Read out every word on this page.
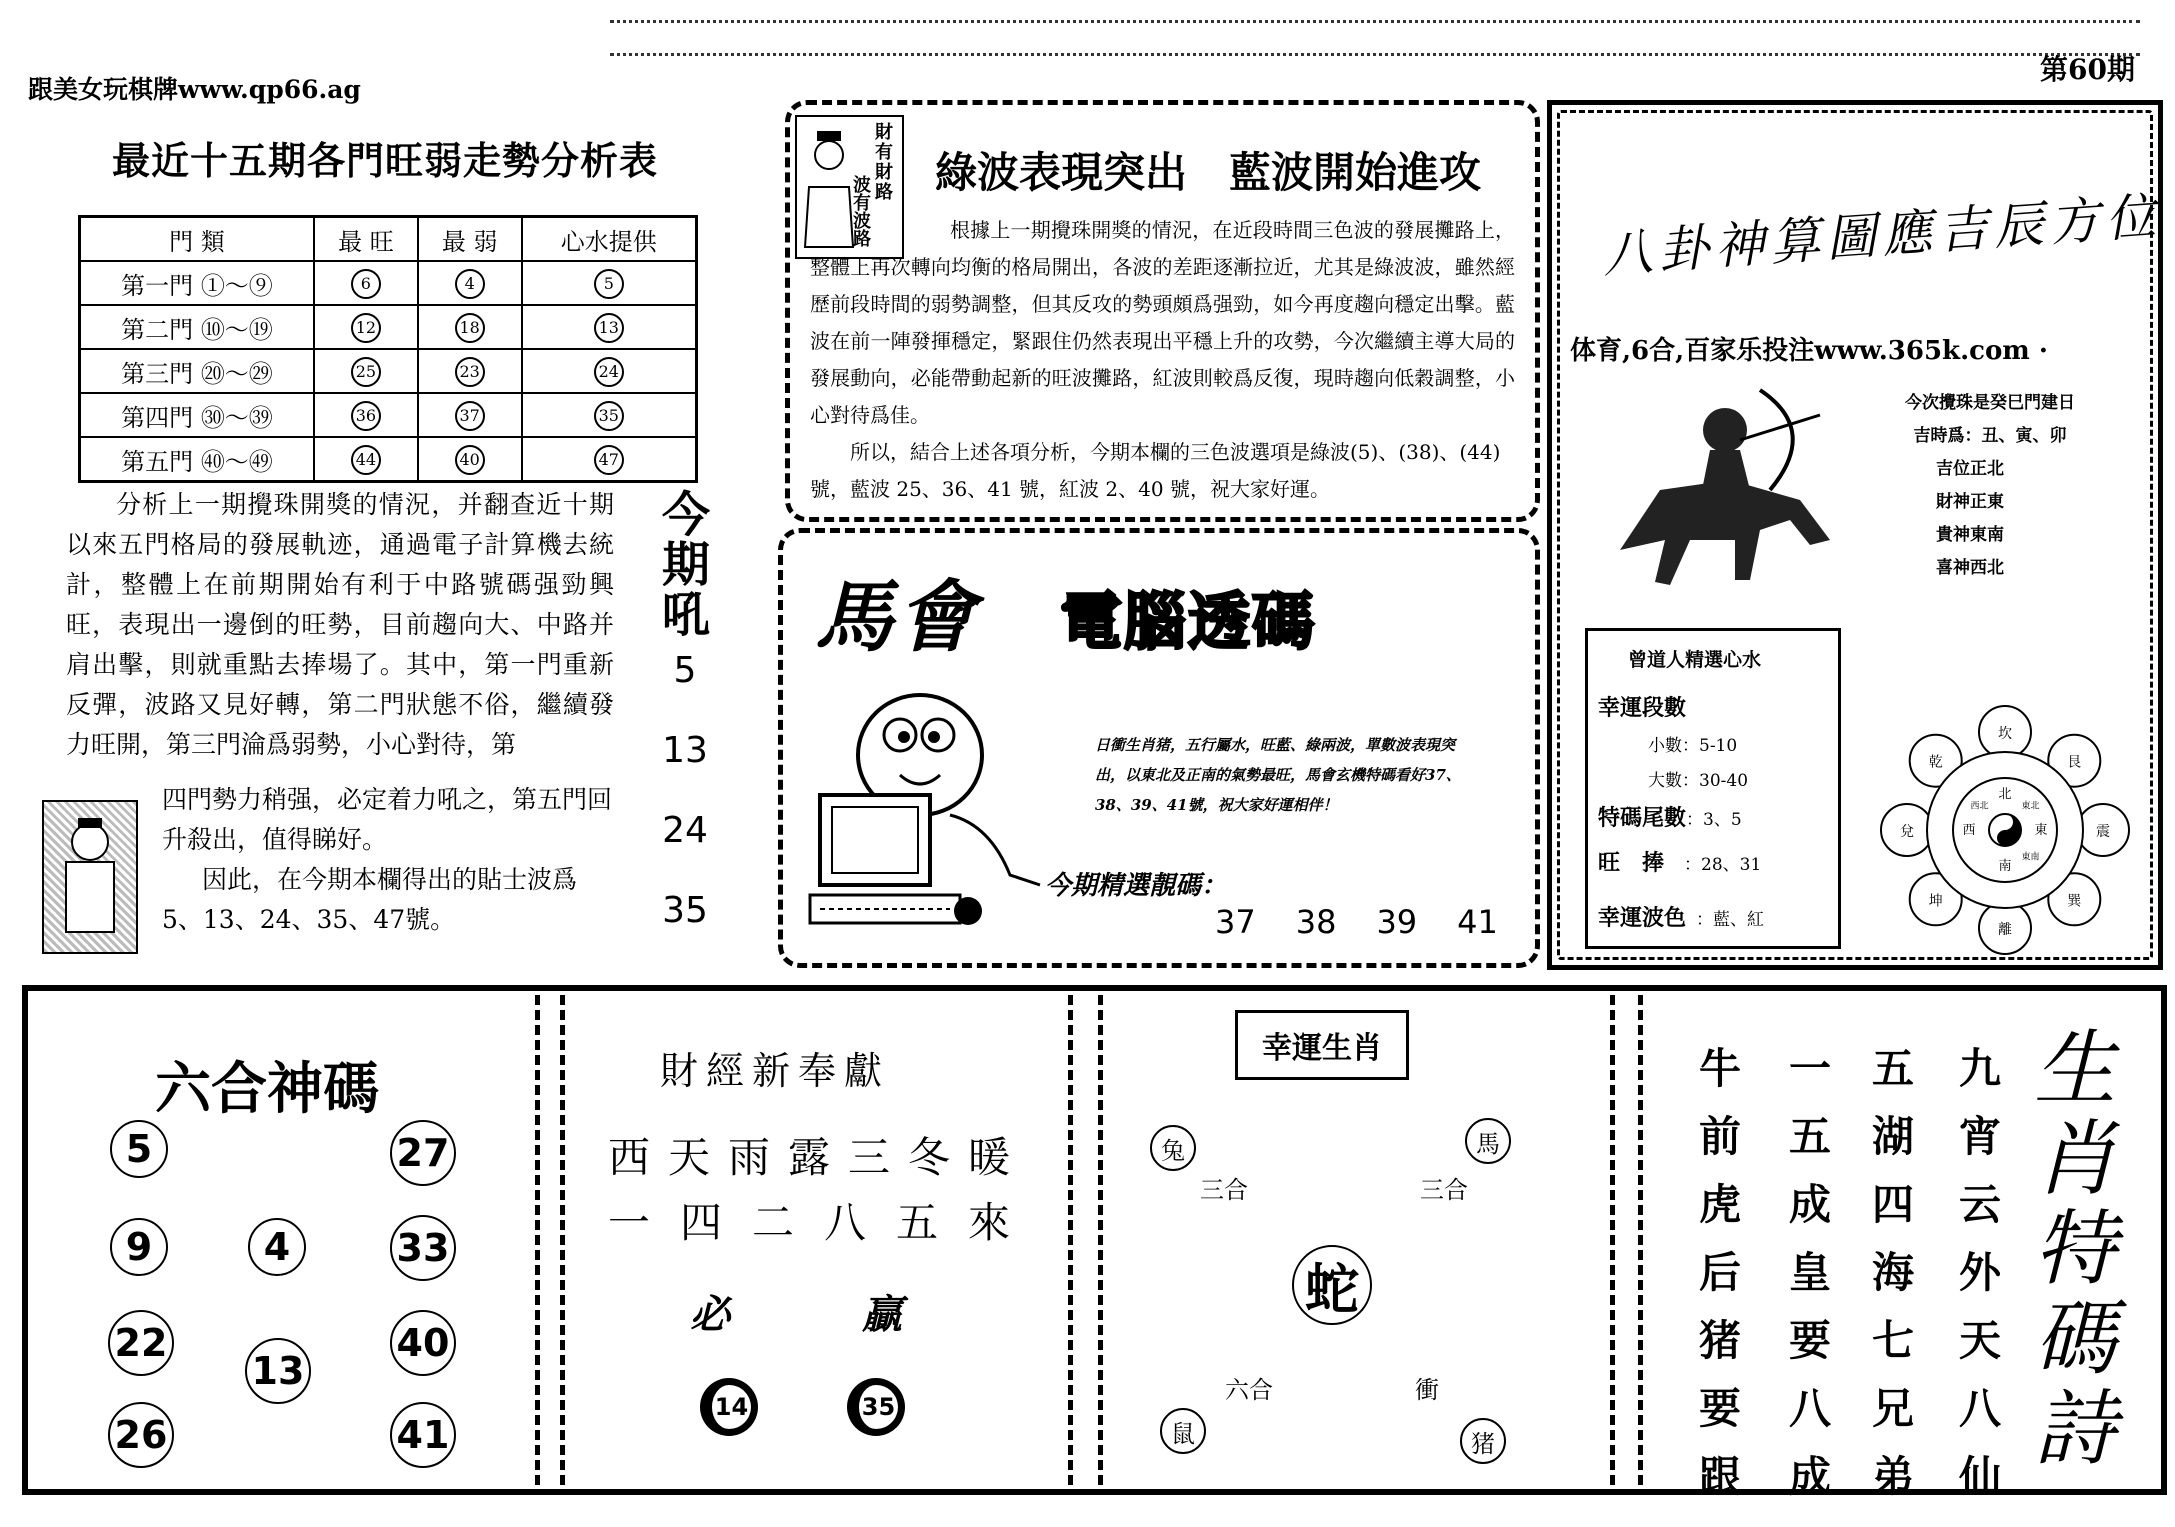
跟美女玩棋牌www.qp66.ag
第60期
最近十五期各門旺弱走勢分析表
門 類	最 旺	最 弱	心水提供
第一門 ①～⑨	6	4	5
第二門 ⑩～⑲	12	18	13
第三門 ⑳～㉙	25	23	24
第四門 ㉚～㊴	36	37	35
第五門 ㊵～㊾	44	40	47
分析上一期攪珠開獎的情況，并翻查近十期以來五門格局的發展軌迹，通過電子計算機去統計，整體上在前期開始有利于中路號碼强勁興旺，表現出一邊倒的旺勢，目前趨向大、中路并肩出擊，則就重點去捧場了。其中，第一門重新反彈，波路又見好轉，第二門狀態不俗，繼續發力旺開，第三門淪爲弱勢，小心對待，第
四門勢力稍强，必定着力吼之，第五門回升殺出，值得睇好。
因此，在今期本欄得出的貼士波爲5、13、24、35、47號。
今期吼
5
13
24
35
財有財路
波有波路
綠波表現突出　藍波開始進攻
根據上一期攪珠開獎的情況，在近段時間三色波的發展攤路上，整體上再次轉向均衡的格局開出，各波的差距逐漸拉近，尤其是綠波波，雖然經歷前段時間的弱勢調整，但其反攻的勢頭頗爲强勁，如今再度趨向穩定出擊。藍波在前一陣發揮穩定，緊跟住仍然表現出平穩上升的攻勢，今次繼續主導大局的發展動向，必能帶動起新的旺波攤路，紅波則較爲反復，現時趨向低穀調整，小心對待爲佳。
所以，結合上述各項分析，今期本欄的三色波選項是綠波(5)、(38)、(44)號，藍波 25、36、41 號，紅波 2、40 號，祝大家好運。
馬會 電腦透碼
日衝生肖猪，五行屬水，旺藍、綠兩波，單數波表現突出，以東北及正南的氣勢最旺，馬會玄機特碼看好37、38、39、41號，祝大家好運相伴！
今期精選靚碼：
37 38 39 41
八卦神算圖應吉辰方位
体育,6合,百家乐投注www.365k.com ·
今次攪珠是癸巳門建日
吉時爲：丑、寅、卯
吉位正北
財神正東
貴神東南
喜神西北
曾道人精選心水
幸運段數
小數：5-10
大數：30-40
特碼尾數：3、5
旺　捧 ：28、31
幸運波色 ：藍、紅
坎
艮
震
巽
離
坤
兌
乾
北
東北
東
東南
南
西
西北
六合神碼
5	27
9	4	33
22
13
40
26	41
財經新奉獻
西天雨露三冬暖
一四二八五來
必	贏
14	35
幸運生肖
兔	馬
三合	三合
蛇
六合	衝
鼠	猪
牛前虎后猪要跟
一五成皇要八成
五湖四海七兄弟
九宵云外天八仙
生肖特碼詩
